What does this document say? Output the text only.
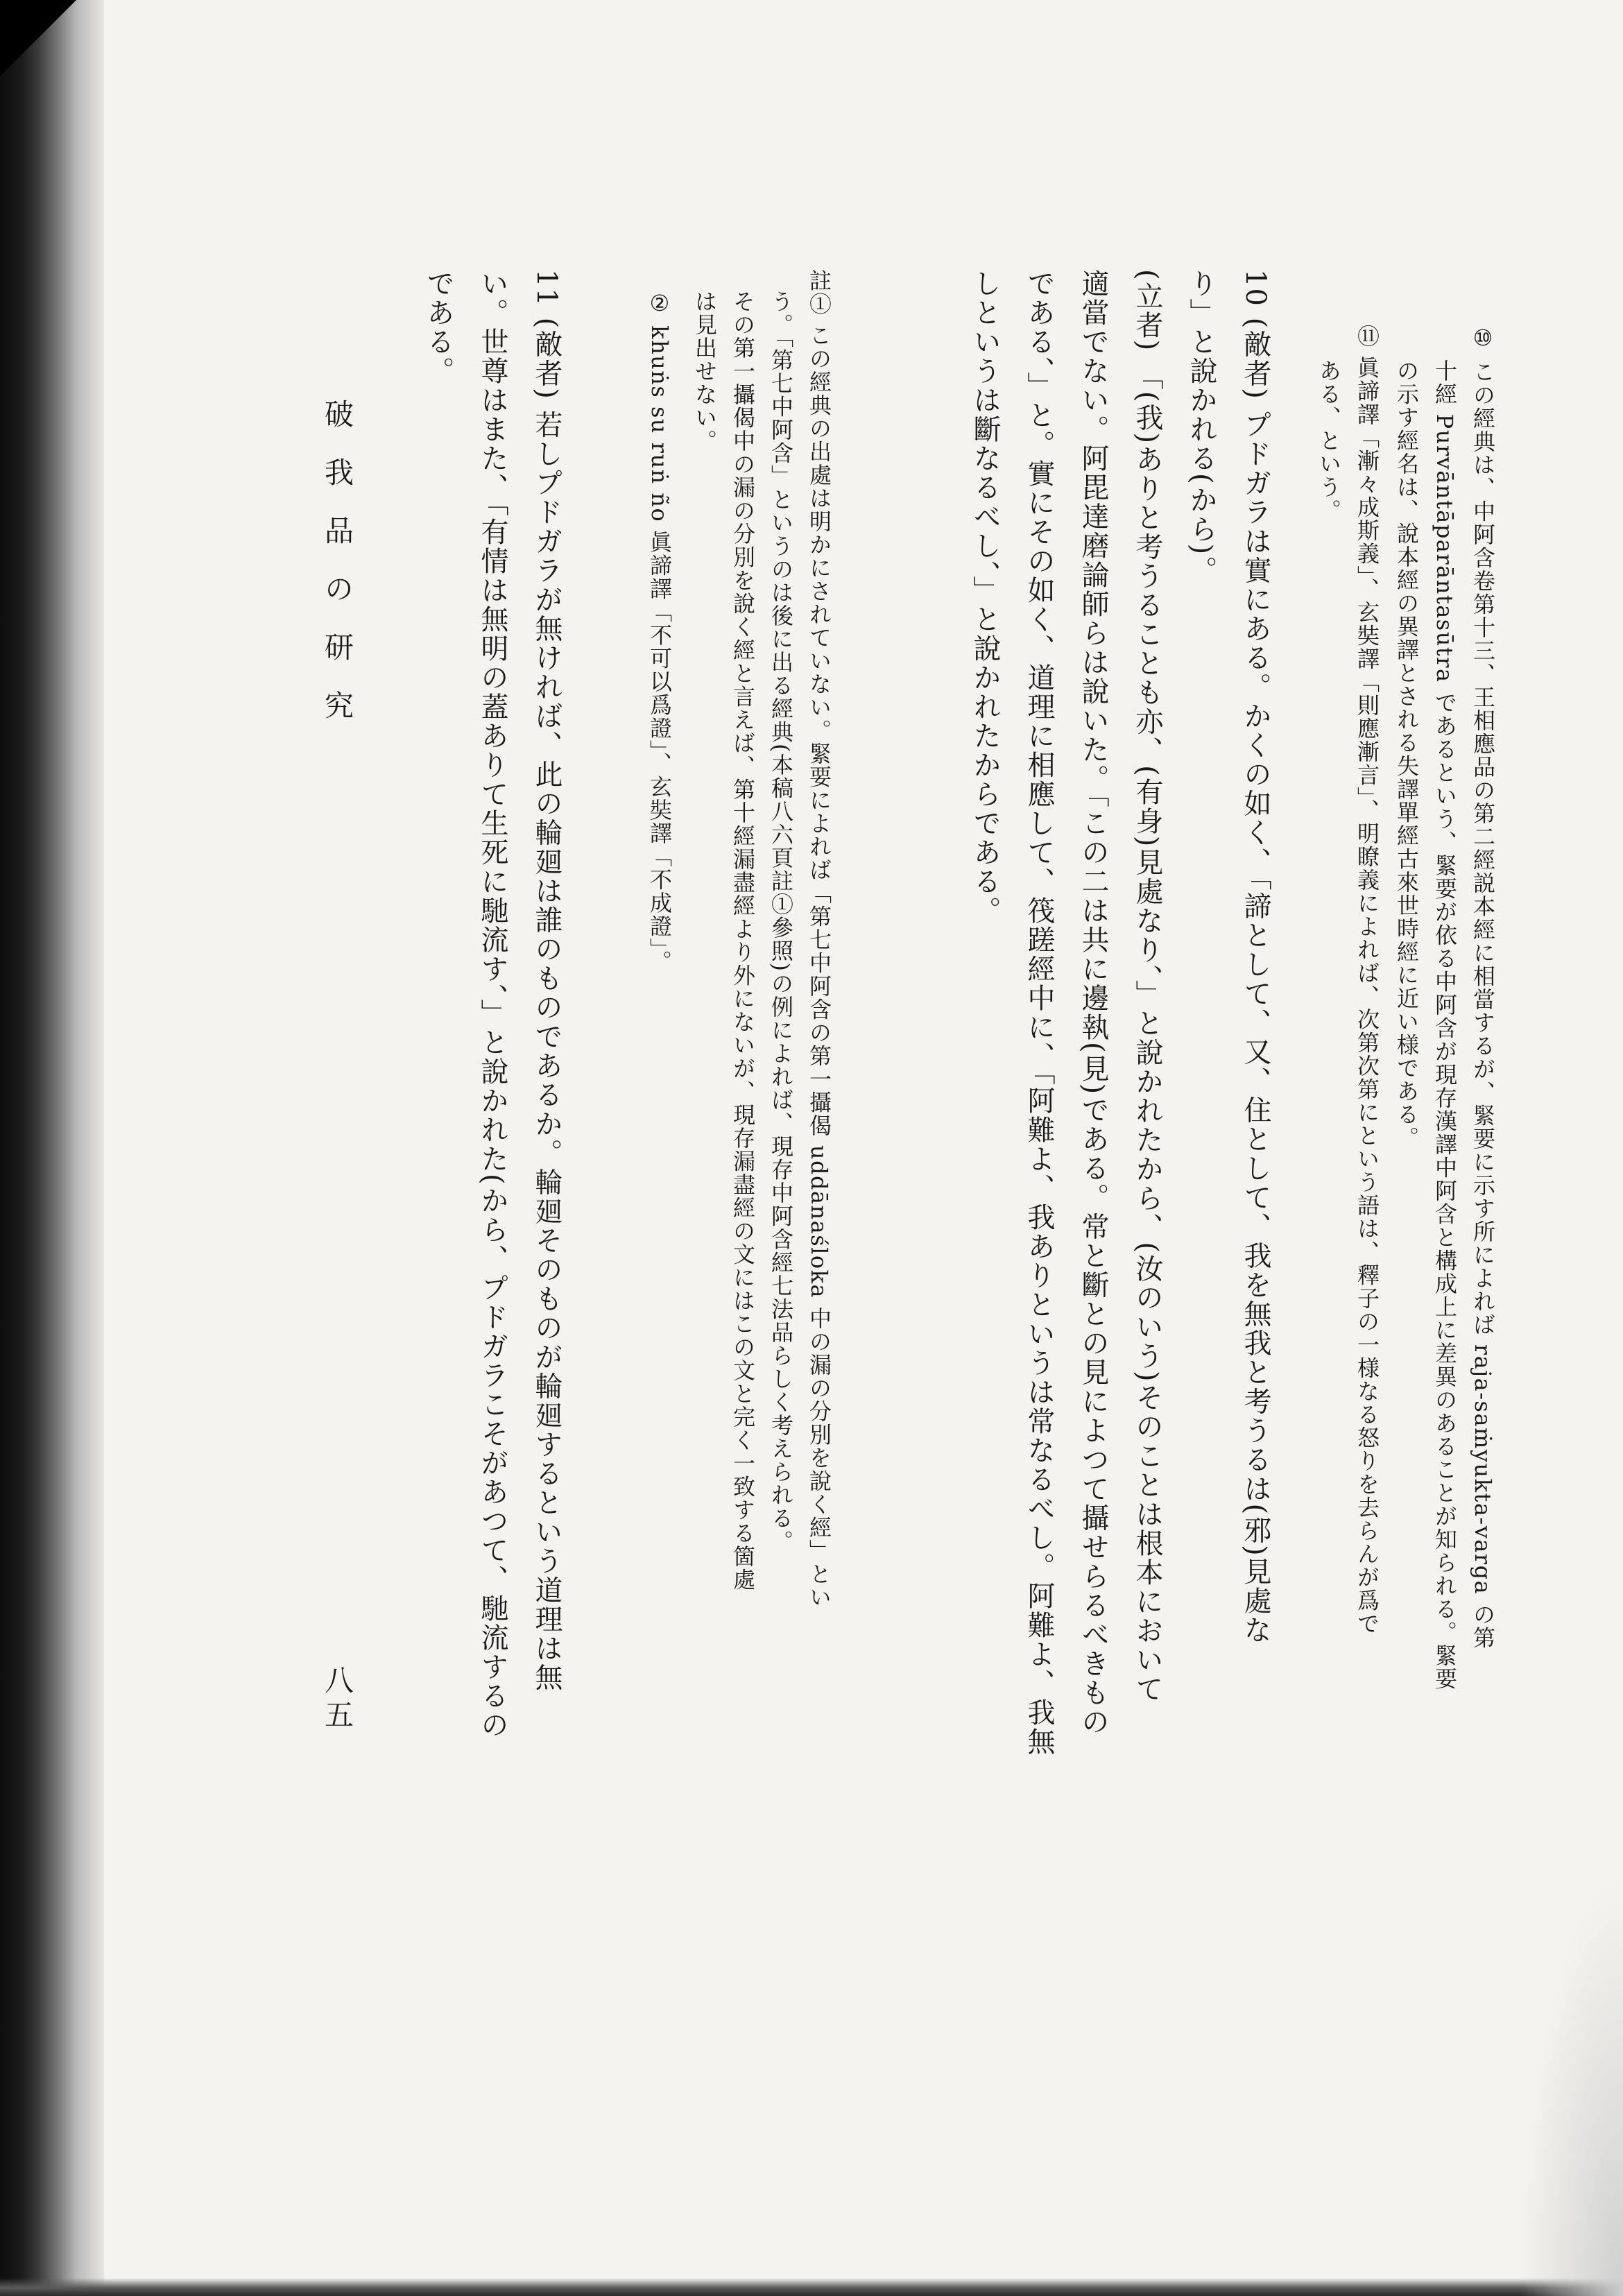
⑩ この經典は、中阿含卷第十三、王相應品の第二經説本經に相當するが、緊要に示す所によれば raja-saṁyukta-varga の第
十經 Purvāntāparāntasūtra であるという、緊要が依る中阿含が現存漢譯中阿含と構成上に差異のあることが知られる。緊要
の示す經名は、說本經の異譯とされる失譯單經古來世時經に近い様である。
⑪ 眞諦譯「漸々成斯義」、玄奘譯「則應漸言」、明瞭義によれば、次第次第にという語は、釋子の一様なる怒りを去らんが爲で
ある、という。
10 (敵者) プドガラは實にある。かくの如く、「諦として、又、住として、我を無我と考うるは(邪)見處な
り」と說かれる(から)。
(立者) 「(我)ありと考うることも亦、(有身)見處なり、」と說かれたから、(汝のいう)そのことは根本において
適當でない。阿毘達磨論師らは說いた。「この二は共に邊執(見)である。常と斷との見によつて攝せらるべきもの
である、」と。實にその如く、道理に相應して、筏蹉經中に、「阿難よ、我ありというは常なるべし。阿難よ、我無
しというは斷なるべし、」と說かれたからである。
註① この經典の出處は明かにされていない。緊要によれば「第七中阿含の第一攝偈 uddānaśloka 中の漏の分別を說く經」とい
う。「第七中阿含」というのは後に出る經典(本稿八六頁註①參照)の例によれば、現存中阿含經七法品らしく考えられる。
その第一攝偈中の漏の分別を說く經と言えば、第十經漏盡經より外にないが、現存漏盡經の文にはこの文と完く一致する箇處
は見出せない。
② khuṅs su ruṅ ño 眞諦譯「不可以爲證」、玄奘譯「不成證」。
11 (敵者) 若しプドガラが無ければ、此の輪廻は誰のものであるか。輪廻そのものが輪廻するという道理は無
い。世尊はまた、「有情は無明の蓋ありて生死に馳流す、」と說かれた(から、プドガラこそがあつて、馳流するの
である。
破我品の研究
八五
